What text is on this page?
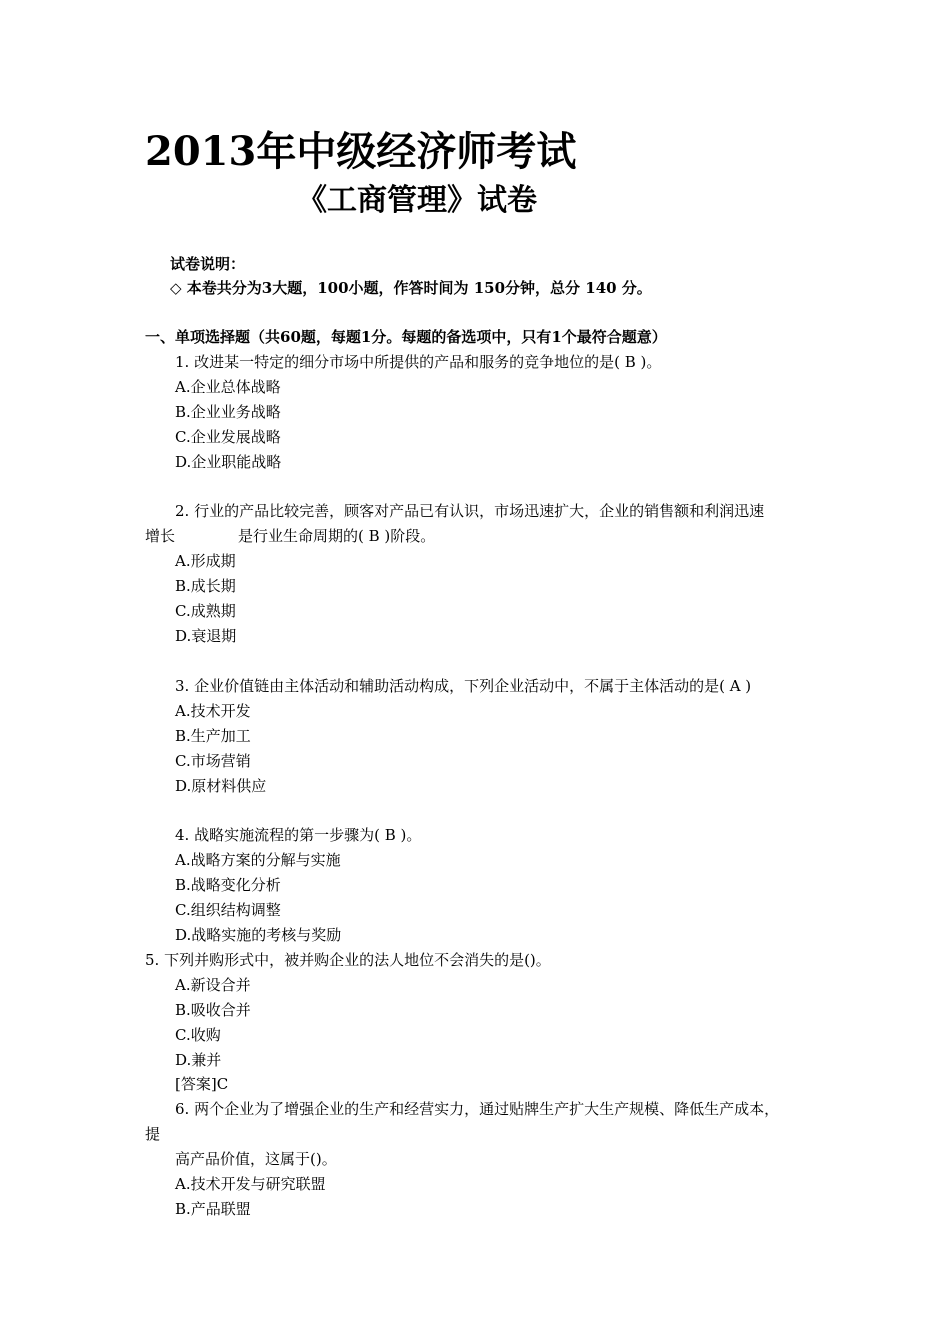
2013年中级经济师考试
《工商管理》试卷
试卷说明：
◇ 本卷共分为3大题，100小题，作答时间为 150分钟，总分 140 分。
一、单项选择题（共60题，每题1分。每题的备选项中，只有1个最符合题意）
1. 改进某一特定的细分市场中所提供的产品和服务的竞争地位的是( B )。
A.企业总体战略
B.企业业务战略
C.企业发展战略
D.企业职能战略
2. 行业的产品比较完善，顾客对产品已有认识，市场迅速扩大，企业的销售额和利润迅速
增长	是行业生命周期的( B )阶段。
A.形成期
B.成长期
C.成熟期
D.衰退期
3. 企业价值链由主体活动和辅助活动构成，下列企业活动中，不属于主体活动的是( A )
A.技术开发
B.生产加工
C.市场营销
D.原材料供应
4. 战略实施流程的第一步骤为( B )。
A.战略方案的分解与实施
B.战略变化分析
C.组织结构调整
D.战略实施的考核与奖励
5. 下列并购形式中，被并购企业的法人地位不会消失的是()。
A.新设合并
B.吸收合并
C.收购
D.兼并
[答案]C
6. 两个企业为了增强企业的生产和经营实力，通过贴牌生产扩大生产规模、降低生产成本，
提
高产品价值，这属于()。
A.技术开发与研究联盟
B.产品联盟
